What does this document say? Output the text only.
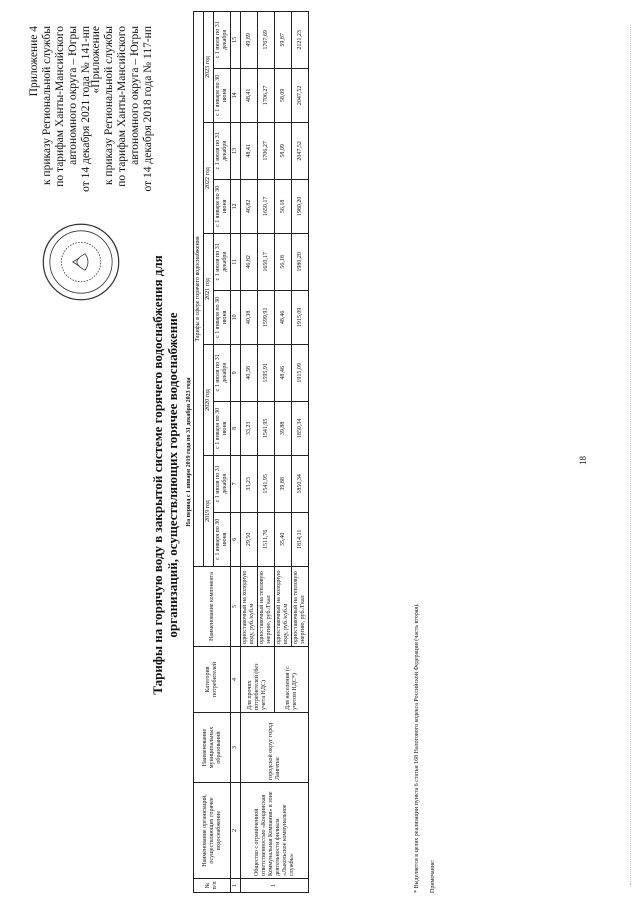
18
Приложение 4 к приказу Региональной службы по тарифам Ханты-Мансийского автономного округа – Югры от 14 декабря 2021 года № 141-нп
«Приложение к приказу Региональной службы по тарифам Ханты-Мансийского автономного округа – Югры от 14 декабря 2018 года № 117-нп
Тарифы на горячую воду в закрытой системе горячего водоснабжения для организаций, осуществляющих горячее водоснабжение На период с 1 января 2019 года по 31 декабря 2023 года
№ п/п	Наименование организаций, осуществляющих горячее водоснабжение	Наименование муниципальных образований	Категория потребителей	Наименование компонента	Тарифы в сфере горячего водоснабжения									
					2019 год		2020 год		2021 год		2022 год		2023 год	
					с 1 января по 30 июня	с 1 июля по 31 декабря	с 1 января по 30 июня	с 1 июля по 31 декабря	с 1 января по 30 июня	с 1 июля по 31 декабря	с 1 января по 30 июня	с 1 июля по 31 декабря	с 1 января по 30 июня	с 1 июля по 31 декабря
1	2	3	4	5	6	7	8	9	10	11	12	13	14	15
1	Общество с ограниченной ответственностью «Кондинская Коммунальная Компания» в зоне деятельности филиала «Лыкольское коммунальное службы»	городской округ город Лангепас	Для прочих потребителей (без учета НДС)	одноставочный на холодную воду, руб./куб.м	29,50	33,23	33,23	40,38	40,38	46,82	46,82	48,41	48,41	49,89
				одноставочный на тепловую энергию, руб./Гкал	1511,76	1541,95	1541,95	1595,91	1599,91	1650,17	1650,17	1706,27	1706,27	1767,69
			Для населения (с учетом НДС*)	одноставочный на холодную воду, руб./куб.м	35,40	39,88	39,88	48,46	48,46	56,18	56,18	58,09	58,09	59,87
				одноставочный на тепловую энергию, руб./Гкал	1814,11	1850,34	1850,34	1915,09	1915,09	1980,20	1980,20	2047,52	2047,52	2121,23
* Выделяется в целях реализации пункта 6 статьи 168 Налогового кодекса Российской Федерации (часть вторая). Примечание:
